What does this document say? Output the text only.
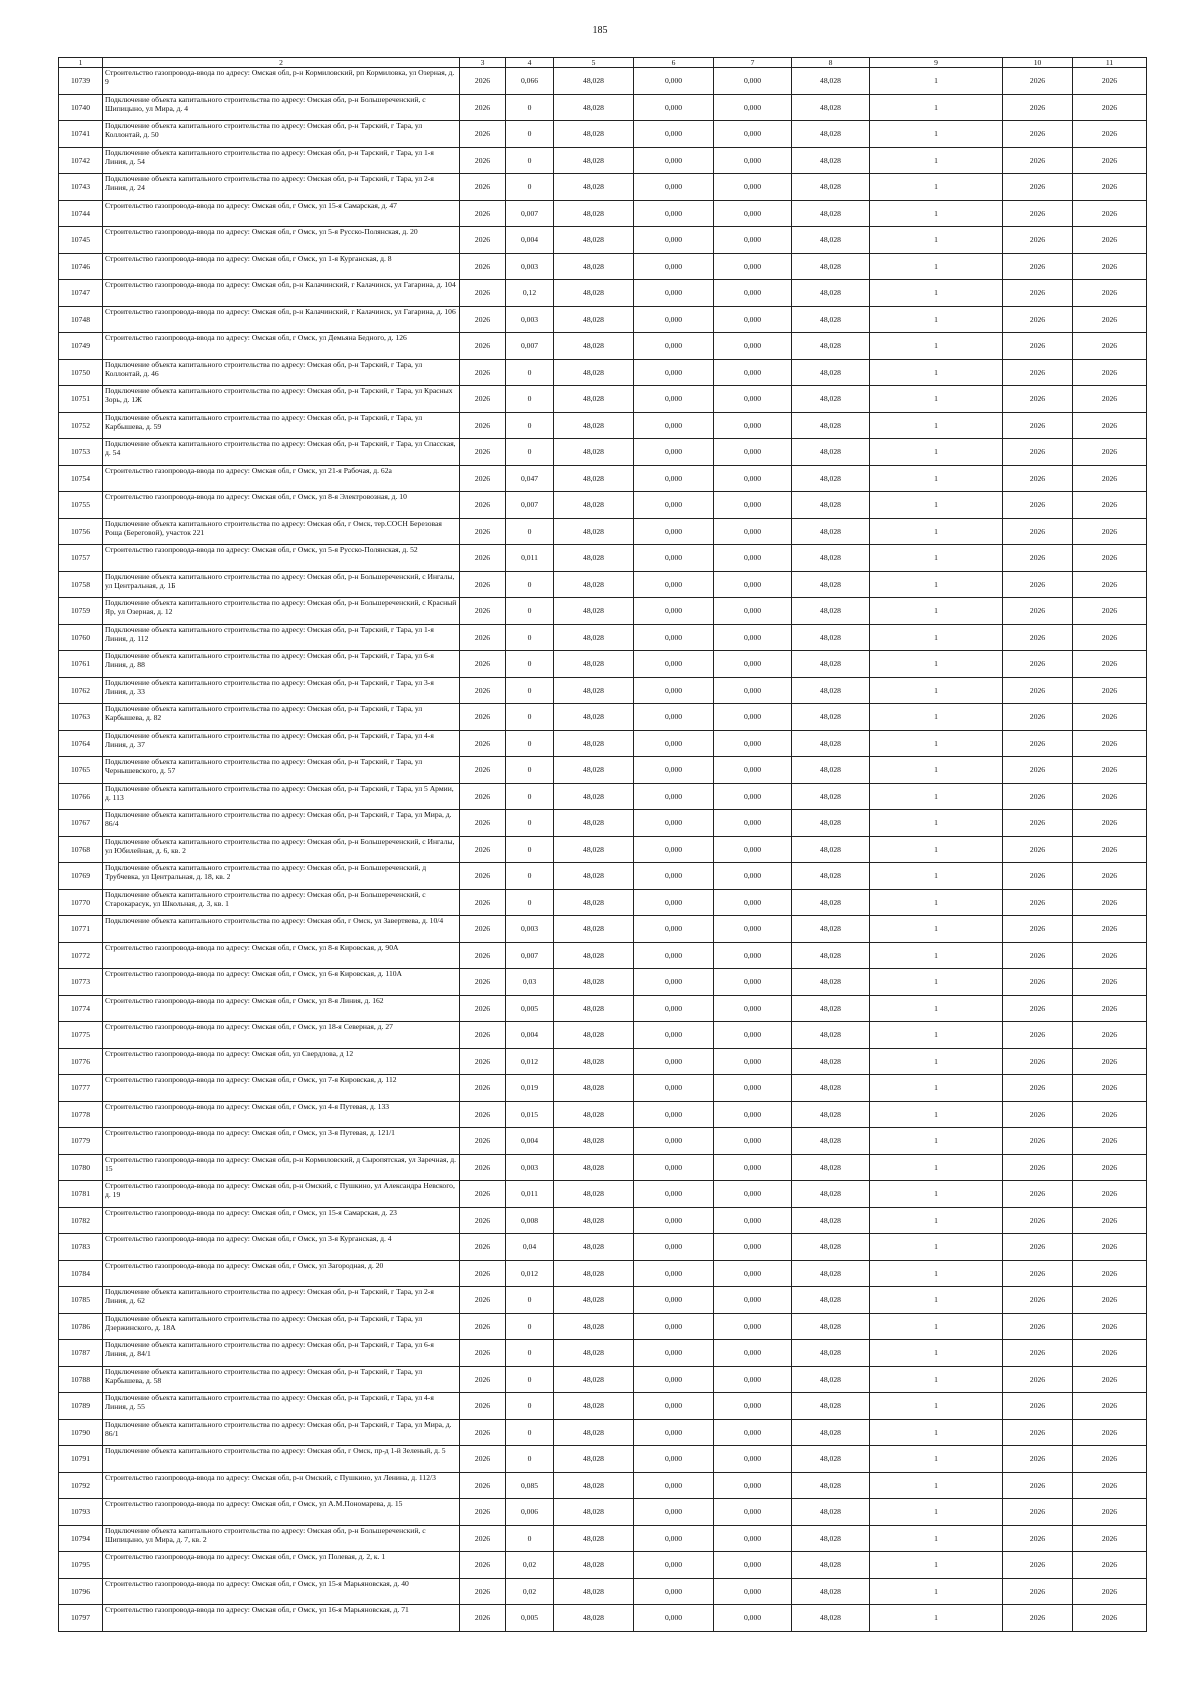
185
1	2	3	4	5	6	7	8	9	10	11
10739	Строительство газопровода-ввода по адресу: Омская обл, р-н Кормиловский, рп Кормиловка, ул Озерная, д. 9	2026	0,066	48,028	0,000	0,000	48,028	1	2026	2026
10740	Подключение объекта капитального строительства по адресу: Омская обл, р-н Большереченский, с Шипицыно, ул Мира, д. 4	2026	0	48,028	0,000	0,000	48,028	1	2026	2026
10741	Подключение объекта капитального строительства по адресу: Омская обл, р-н Тарский, г Тара, ул Коллонтай, д. 50	2026	0	48,028	0,000	0,000	48,028	1	2026	2026
10742	Подключение объекта капитального строительства по адресу: Омская обл, р-н Тарский, г Тара, ул 1-я Линия, д. 54	2026	0	48,028	0,000	0,000	48,028	1	2026	2026
10743	Подключение объекта капитального строительства по адресу: Омская обл, р-н Тарский, г Тара, ул 2-я Линия, д. 24	2026	0	48,028	0,000	0,000	48,028	1	2026	2026
10744	Строительство газопровода-ввода по адресу: Омская обл, г Омск, ул 15-я Самарская, д. 47	2026	0,007	48,028	0,000	0,000	48,028	1	2026	2026
10745	Строительство газопровода-ввода по адресу: Омская обл, г Омск, ул 5-я Русско-Полянская, д. 20	2026	0,004	48,028	0,000	0,000	48,028	1	2026	2026
10746	Строительство газопровода-ввода по адресу: Омская обл, г Омск, ул 1-я Курганская, д. 8	2026	0,003	48,028	0,000	0,000	48,028	1	2026	2026
10747	Строительство газопровода-ввода по адресу: Омская обл, р-н Калачинский, г Калачинск, ул Гагарина, д. 104	2026	0,12	48,028	0,000	0,000	48,028	1	2026	2026
10748	Строительство газопровода-ввода по адресу: Омская обл, р-н Калачинский, г Калачинск, ул Гагарина, д. 106	2026	0,003	48,028	0,000	0,000	48,028	1	2026	2026
10749	Строительство газопровода-ввода по адресу: Омская обл, г Омск, ул Демьяна Бедного, д. 126	2026	0,007	48,028	0,000	0,000	48,028	1	2026	2026
10750	Подключение объекта капитального строительства по адресу: Омская обл, р-н Тарский, г Тара, ул Коллонтай, д. 46	2026	0	48,028	0,000	0,000	48,028	1	2026	2026
10751	Подключение объекта капитального строительства по адресу: Омская обл, р-н Тарский, г Тара, ул Красных Зорь, д. 1Ж	2026	0	48,028	0,000	0,000	48,028	1	2026	2026
10752	Подключение объекта капитального строительства по адресу: Омская обл, р-н Тарский, г Тара, ул Карбышева, д. 59	2026	0	48,028	0,000	0,000	48,028	1	2026	2026
10753	Подключение объекта капитального строительства по адресу: Омская обл, р-н Тарский, г Тара, ул Спасская, д. 54	2026	0	48,028	0,000	0,000	48,028	1	2026	2026
10754	Строительство газопровода-ввода по адресу: Омская обл, г Омск, ул 21-я Рабочая, д. 62а	2026	0,047	48,028	0,000	0,000	48,028	1	2026	2026
10755	Строительство газопровода-ввода по адресу: Омская обл, г Омск, ул 8-я Электровозная, д. 10	2026	0,007	48,028	0,000	0,000	48,028	1	2026	2026
10756	Подключение объекта капитального строительства по адресу: Омская обл, г Омск, тер.СОСН Березовая Роща (Береговой), участок 221	2026	0	48,028	0,000	0,000	48,028	1	2026	2026
10757	Строительство газопровода-ввода по адресу: Омская обл, г Омск, ул 5-я Русско-Полянская, д. 52	2026	0,011	48,028	0,000	0,000	48,028	1	2026	2026
10758	Подключение объекта капитального строительства по адресу: Омская обл, р-н Большереченский, с Ингалы, ул Центральная, д. 1Б	2026	0	48,028	0,000	0,000	48,028	1	2026	2026
10759	Подключение объекта капитального строительства по адресу: Омская обл, р-н Большереченский, с Красный Яр, ул Озерная, д. 12	2026	0	48,028	0,000	0,000	48,028	1	2026	2026
10760	Подключение объекта капитального строительства по адресу: Омская обл, р-н Тарский, г Тара, ул 1-я Линия, д. 112	2026	0	48,028	0,000	0,000	48,028	1	2026	2026
10761	Подключение объекта капитального строительства по адресу: Омская обл, р-н Тарский, г Тара, ул 6-я Линия, д. 88	2026	0	48,028	0,000	0,000	48,028	1	2026	2026
10762	Подключение объекта капитального строительства по адресу: Омская обл, р-н Тарский, г Тара, ул 3-я Линия, д. 33	2026	0	48,028	0,000	0,000	48,028	1	2026	2026
10763	Подключение объекта капитального строительства по адресу: Омская обл, р-н Тарский, г Тара, ул Карбышева, д. 82	2026	0	48,028	0,000	0,000	48,028	1	2026	2026
10764	Подключение объекта капитального строительства по адресу: Омская обл, р-н Тарский, г Тара, ул 4-я Линия, д. 37	2026	0	48,028	0,000	0,000	48,028	1	2026	2026
10765	Подключение объекта капитального строительства по адресу: Омская обл, р-н Тарский, г Тара, ул Чернышевского, д. 57	2026	0	48,028	0,000	0,000	48,028	1	2026	2026
10766	Подключение объекта капитального строительства по адресу: Омская обл, р-н Тарский, г Тара, ул 5 Армии, д. 113	2026	0	48,028	0,000	0,000	48,028	1	2026	2026
10767	Подключение объекта капитального строительства по адресу: Омская обл, р-н Тарский, г Тара, ул Мира, д. 86/4	2026	0	48,028	0,000	0,000	48,028	1	2026	2026
10768	Подключение объекта капитального строительства по адресу: Омская обл, р-н Большереченский, с Ингалы, ул Юбилейная, д. 6, кв. 2	2026	0	48,028	0,000	0,000	48,028	1	2026	2026
10769	Подключение объекта капитального строительства по адресу: Омская обл, р-н Большереченский, д Трубчевка, ул Центральная, д. 18, кв. 2	2026	0	48,028	0,000	0,000	48,028	1	2026	2026
10770	Подключение объекта капитального строительства по адресу: Омская обл, р-н Большереченский, с Старокарасук, ул Школьная, д. 3, кв. 1	2026	0	48,028	0,000	0,000	48,028	1	2026	2026
10771	Подключение объекта капитального строительства по адресу: Омская обл, г Омск, ул Завертяева, д. 10/4	2026	0,003	48,028	0,000	0,000	48,028	1	2026	2026
10772	Строительство газопровода-ввода по адресу: Омская обл, г Омск, ул 8-я Кировская, д. 90А	2026	0,007	48,028	0,000	0,000	48,028	1	2026	2026
10773	Строительство газопровода-ввода по адресу: Омская обл, г Омск, ул 6-я Кировская, д. 110А	2026	0,03	48,028	0,000	0,000	48,028	1	2026	2026
10774	Строительство газопровода-ввода по адресу: Омская обл, г Омск, ул 8-я Линия, д. 162	2026	0,005	48,028	0,000	0,000	48,028	1	2026	2026
10775	Строительство газопровода-ввода по адресу: Омская обл, г Омск, ул 18-я Северная, д. 27	2026	0,004	48,028	0,000	0,000	48,028	1	2026	2026
10776	Строительство газопровода-ввода по адресу: Омская обл, ул Свердлова, д 12	2026	0,012	48,028	0,000	0,000	48,028	1	2026	2026
10777	Строительство газопровода-ввода по адресу: Омская обл, г Омск, ул 7-я Кировская, д. 112	2026	0,019	48,028	0,000	0,000	48,028	1	2026	2026
10778	Строительство газопровода-ввода по адресу: Омская обл, г Омск, ул 4-я Путевая, д. 133	2026	0,015	48,028	0,000	0,000	48,028	1	2026	2026
10779	Строительство газопровода-ввода по адресу: Омская обл, г Омск, ул 3-я Путевая, д. 121/1	2026	0,004	48,028	0,000	0,000	48,028	1	2026	2026
10780	Строительство газопровода-ввода по адресу: Омская обл, р-н Кормиловский, д Сыропятская, ул Заречная, д. 15	2026	0,003	48,028	0,000	0,000	48,028	1	2026	2026
10781	Строительство газопровода-ввода по адресу: Омская обл, р-н Омский, с Пушкино, ул Александра Невского, д. 19	2026	0,011	48,028	0,000	0,000	48,028	1	2026	2026
10782	Строительство газопровода-ввода по адресу: Омская обл, г Омск, ул 15-я Самарская, д. 23	2026	0,008	48,028	0,000	0,000	48,028	1	2026	2026
10783	Строительство газопровода-ввода по адресу: Омская обл, г Омск, ул 3-я Курганская, д. 4	2026	0,04	48,028	0,000	0,000	48,028	1	2026	2026
10784	Строительство газопровода-ввода по адресу: Омская обл, г Омск, ул Загородная, д. 20	2026	0,012	48,028	0,000	0,000	48,028	1	2026	2026
10785	Подключение объекта капитального строительства по адресу: Омская обл, р-н Тарский, г Тара, ул 2-я Линия, д. 62	2026	0	48,028	0,000	0,000	48,028	1	2026	2026
10786	Подключение объекта капитального строительства по адресу: Омская обл, р-н Тарский, г Тара, ул Дзержинского, д. 18А	2026	0	48,028	0,000	0,000	48,028	1	2026	2026
10787	Подключение объекта капитального строительства по адресу: Омская обл, р-н Тарский, г Тара, ул 6-я Линия, д. 84/1	2026	0	48,028	0,000	0,000	48,028	1	2026	2026
10788	Подключение объекта капитального строительства по адресу: Омская обл, р-н Тарский, г Тара, ул Карбышева, д. 58	2026	0	48,028	0,000	0,000	48,028	1	2026	2026
10789	Подключение объекта капитального строительства по адресу: Омская обл, р-н Тарский, г Тара, ул 4-я Линия, д. 55	2026	0	48,028	0,000	0,000	48,028	1	2026	2026
10790	Подключение объекта капитального строительства по адресу: Омская обл, р-н Тарский, г Тара, ул Мира, д. 86/1	2026	0	48,028	0,000	0,000	48,028	1	2026	2026
10791	Подключение объекта капитального строительства по адресу: Омская обл, г Омск, пр-д 1-й Зеленый, д. 5	2026	0	48,028	0,000	0,000	48,028	1	2026	2026
10792	Строительство газопровода-ввода по адресу: Омская обл, р-н Омский, с Пушкино, ул Ленина, д. 112/3	2026	0,085	48,028	0,000	0,000	48,028	1	2026	2026
10793	Строительство газопровода-ввода по адресу: Омская обл, г Омск, ул А.М.Пономарева, д. 15	2026	0,006	48,028	0,000	0,000	48,028	1	2026	2026
10794	Подключение объекта капитального строительства по адресу: Омская обл, р-н Большереченский, с Шипицыно, ул Мира, д. 7, кв. 2	2026	0	48,028	0,000	0,000	48,028	1	2026	2026
10795	Строительство газопровода-ввода по адресу: Омская обл, г Омск, ул Полевая, д. 2, к. 1	2026	0,02	48,028	0,000	0,000	48,028	1	2026	2026
10796	Строительство газопровода-ввода по адресу: Омская обл, г Омск, ул 15-я Марьяновская, д. 40	2026	0,02	48,028	0,000	0,000	48,028	1	2026	2026
10797	Строительство газопровода-ввода по адресу: Омская обл, г Омск, ул 16-я Марьяновская, д. 71	2026	0,005	48,028	0,000	0,000	48,028	1	2026	2026
